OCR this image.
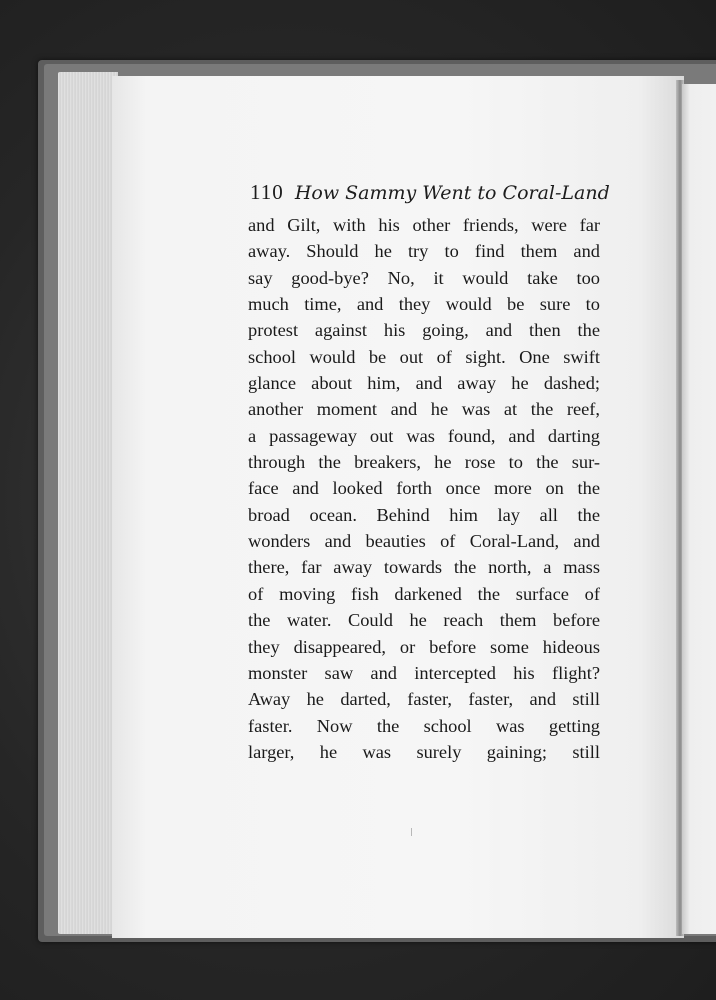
110 How Sammy Went to Coral-Land
and Gilt, with his other friends, were far
away. Should he try to find them and
say good-bye? No, it would take too
much time, and they would be sure to
protest against his going, and then the
school would be out of sight. One swift
glance about him, and away he dashed;
another moment and he was at the reef,
a passageway out was found, and darting
through the breakers, he rose to the sur-
face and looked forth once more on the
broad ocean. Behind him lay all the
wonders and beauties of Coral-Land, and
there, far away towards the north, a mass
of moving fish darkened the surface of
the water. Could he reach them before
they disappeared, or before some hideous
monster saw and intercepted his flight?
Away he darted, faster, faster, and still
faster. Now the school was getting
larger, he was surely gaining; still
